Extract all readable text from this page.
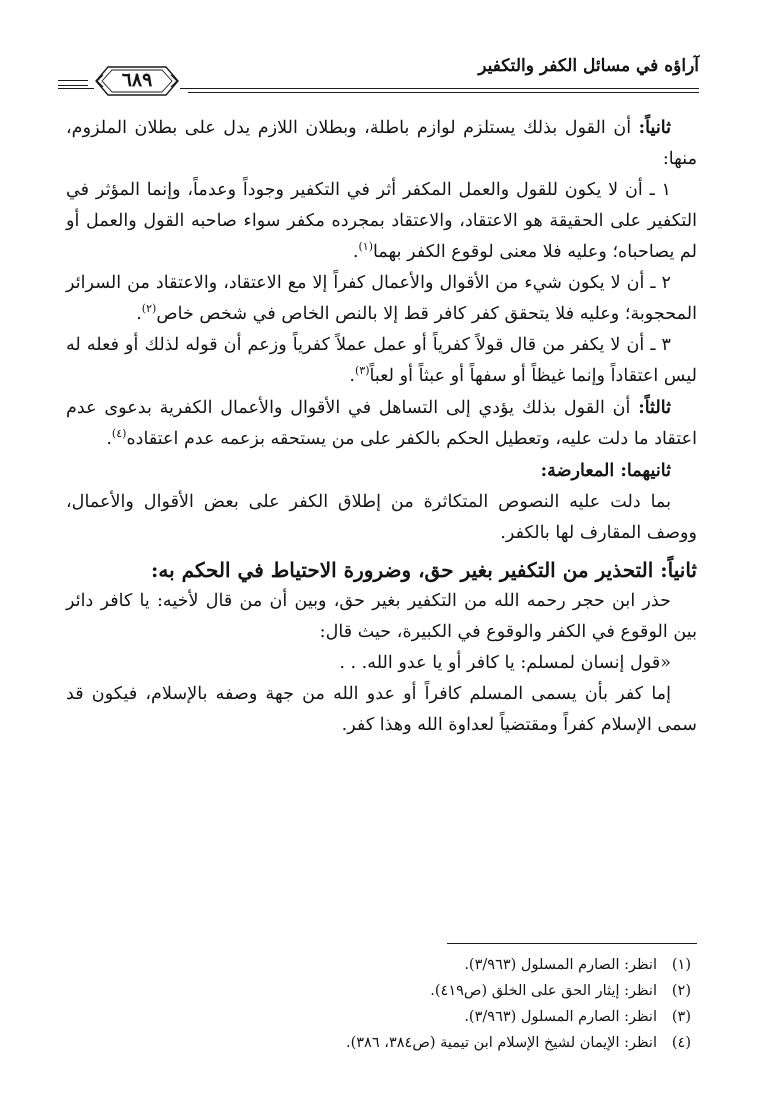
آراؤه في مسائل الكفر والتكفير
٦٨٩

ثانياً: أن القول بذلك يستلزم لوازم باطلة، وبطلان اللازم يدل على بطلان الملزوم، منها:

١ ـ أن لا يكون للقول والعمل المكفر أثر في التكفير وجوداً وعدماً، وإنما المؤثر في التكفير على الحقيقة هو الاعتقاد، والاعتقاد بمجرده مكفر سواء صاحبه القول والعمل أو لم يصاحباه؛ وعليه فلا معنى لوقوع الكفر بهما$^{(١)}$.

٢ ـ أن لا يكون شيء من الأقوال والأعمال كفراً إلا مع الاعتقاد، والاعتقاد من السرائر المحجوبة؛ وعليه فلا يتحقق كفر كافر قط إلا بالنص الخاص في شخص خاص$^{(٢)}$.

٣ ـ أن لا يكفر من قال قولاً كفرياً أو عمل عملاً كفرياً وزعم أن قوله لذلك أو فعله له ليس اعتقاداً وإنما غيظاً أو سفهاً أو عبثاً أو لعباً$^{(٣)}$.

ثالثاً: أن القول بذلك يؤدي إلى التساهل في الأقوال والأعمال الكفرية بدعوى عدم اعتقاد ما دلت عليه، وتعطيل الحكم بالكفر على من يستحقه بزعمه عدم اعتقاده$^{(٤)}$.

ثانيهما: المعارضة:

بما دلت عليه النصوص المتكاثرة من إطلاق الكفر على بعض الأقوال والأعمال، ووصف المقارف لها بالكفر.

ثانياً: التحذير من التكفير بغير حق، وضرورة الاحتياط في الحكم به:

حذر ابن حجر رحمه الله من التكفير بغير حق، وبين أن من قال لأخيه: يا كافر دائر بين الوقوع في الكفر والوقوع في الكبيرة، حيث قال:

«قول إنسان لمسلم: يا كافر أو يا عدو الله. . .

إما كفر بأن يسمى المسلم كافراً أو عدو الله من جهة وصفه بالإسلام، فيكون قد سمى الإسلام كفراً ومقتضياً لعداوة الله وهذا كفر.

(١)
انظر: الصارم المسلول (٣/٩٦٣).
(٢)
انظر: إيثار الحق على الخلق (ص٤١٩).
(٣)
انظر: الصارم المسلول (٣/٩٦٣).
(٤)
انظر: الإيمان لشيخ الإسلام ابن تيمية (ص٣٨٤، ٣٨٦).
